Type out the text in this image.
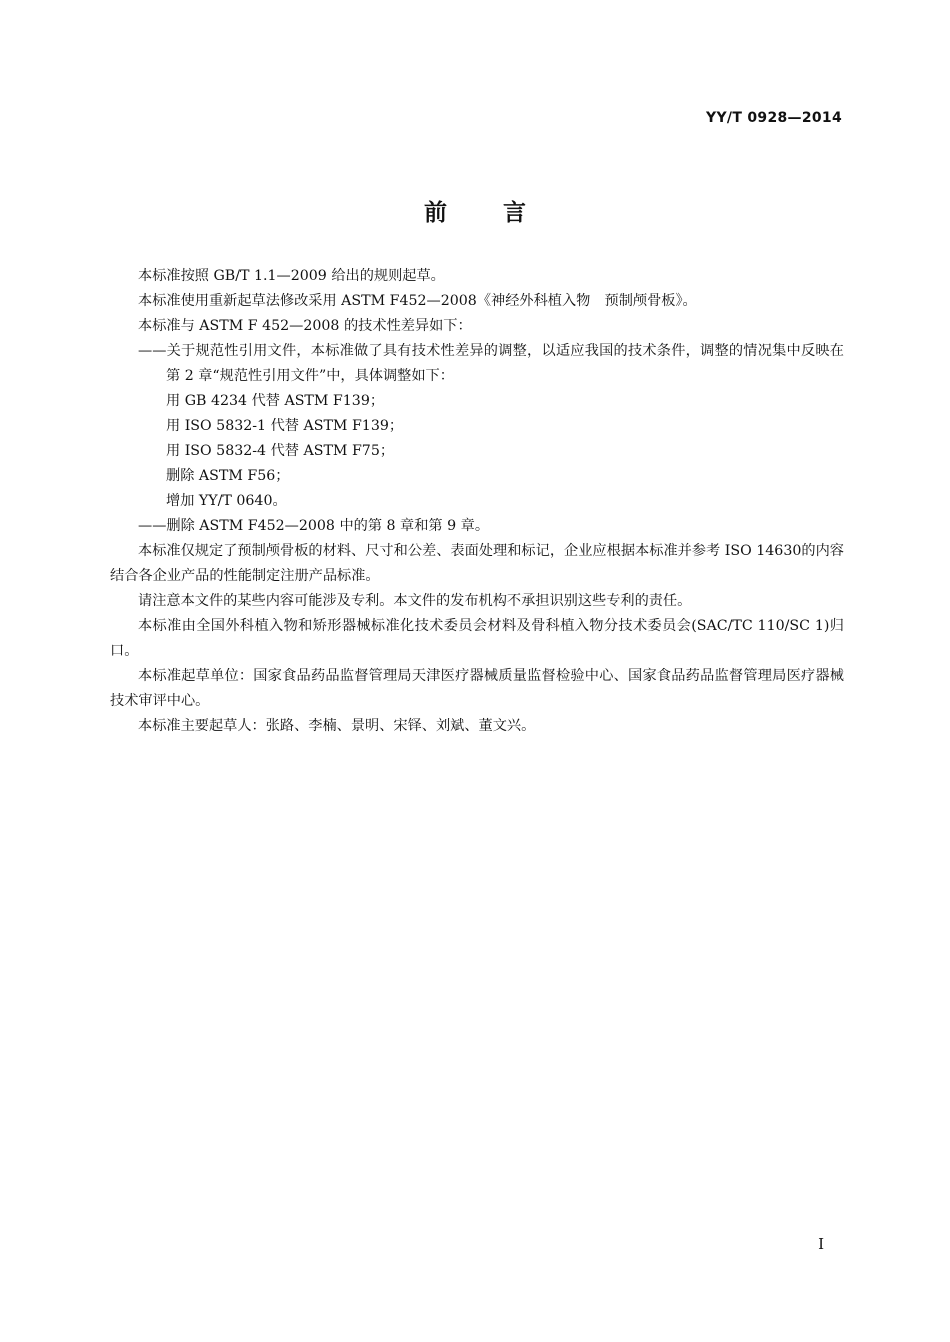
YY/T 0928—2014
前言
本标准按照 GB/T 1.1—2009 给出的规则起草。
本标准使用重新起草法修改采用 ASTM F452—2008《神经外科植入物　预制颅骨板》。
本标准与 ASTM F 452—2008 的技术性差异如下：
——关于规范性引用文件，本标准做了具有技术性差异的调整，以适应我国的技术条件，调整的情况集中反映在第 2 章“规范性引用文件”中，具体调整如下：
用 GB 4234 代替 ASTM F139；
用 ISO 5832-1 代替 ASTM F139；
用 ISO 5832-4 代替 ASTM F75；
删除 ASTM F56；
增加 YY/T 0640。
——删除 ASTM F452—2008 中的第 8 章和第 9 章。
本标准仅规定了预制颅骨板的材料、尺寸和公差、表面处理和标记，企业应根据本标准并参考 ISO 14630的内容结合各企业产品的性能制定注册产品标准。
请注意本文件的某些内容可能涉及专利。本文件的发布机构不承担识别这些专利的责任。
本标准由全国外科植入物和矫形器械标准化技术委员会材料及骨科植入物分技术委员会(SAC/TC 110/SC 1)归口。
本标准起草单位：国家食品药品监督管理局天津医疗器械质量监督检验中心、国家食品药品监督管理局医疗器械技术审评中心。
本标准主要起草人：张路、李楠、景明、宋铎、刘斌、董文兴。
I
